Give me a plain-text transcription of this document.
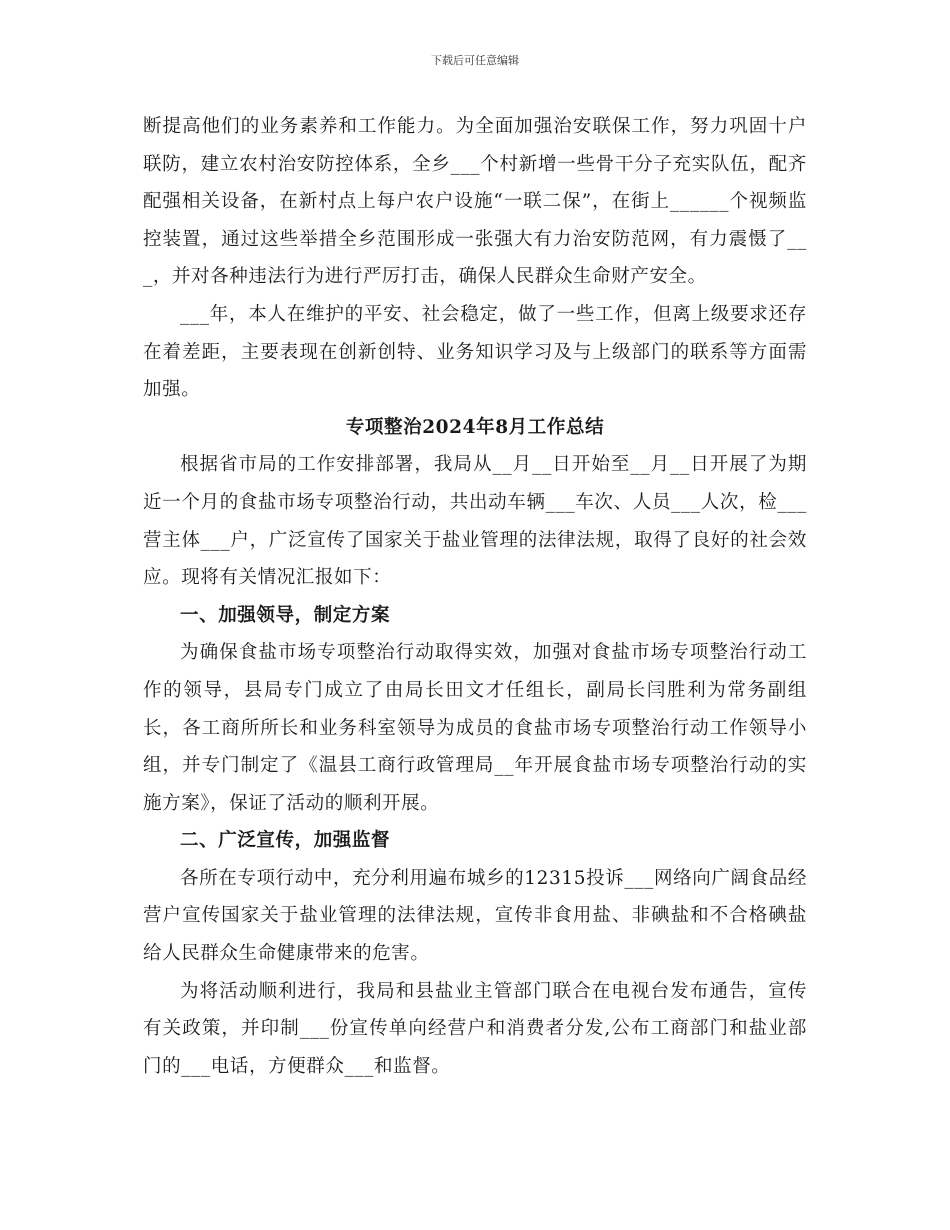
下载后可任意编辑

断提高他们的业务素养和工作能力。为全面加强治安联保工作，努力巩固十户联防，建立农村治安防控体系，全乡___个村新增一些骨干分子充实队伍，配齐配强相关设备，在新村点上每户农户设施“一联二保”，在街上______个视频监控装置，通过这些举措全乡范围形成一张强大有力治安防范网，有力震慑了___，并对各种违法行为进行严厉打击，确保人民群众生命财产安全。

___年，本人在维护的平安、社会稳定，做了一些工作，但离上级要求还存在着差距，主要表现在创新创特、业务知识学习及与上级部门的联系等方面需加强。

专项整治2024年8月工作总结

根据省市局的工作安排部署，我局从__月__日开始至__月__日开展了为期近一个月的食盐市场专项整治行动，共出动车辆___车次、人员___人次，检___营主体___户，广泛宣传了国家关于盐业管理的法律法规，取得了良好的社会效应。现将有关情况汇报如下：

一、加强领导，制定方案

为确保食盐市场专项整治行动取得实效，加强对食盐市场专项整治行动工作的领导，县局专门成立了由局长田文才任组长，副局长闫胜利为常务副组长，各工商所所长和业务科室领导为成员的食盐市场专项整治行动工作领导小组，并专门制定了《温县工商行政管理局__年开展食盐市场专项整治行动的实施方案》，保证了活动的顺利开展。

二、广泛宣传，加强监督

各所在专项行动中，充分利用遍布城乡的12315投诉___网络向广阔食品经营户宣传国家关于盐业管理的法律法规，宣传非食用盐、非碘盐和不合格碘盐给人民群众生命健康带来的危害。

为将活动顺利进行，我局和县盐业主管部门联合在电视台发布通告，宣传有关政策，并印制___份宣传单向经营户和消费者分发,公布工商部门和盐业部门的___电话，方便群众___和监督。
